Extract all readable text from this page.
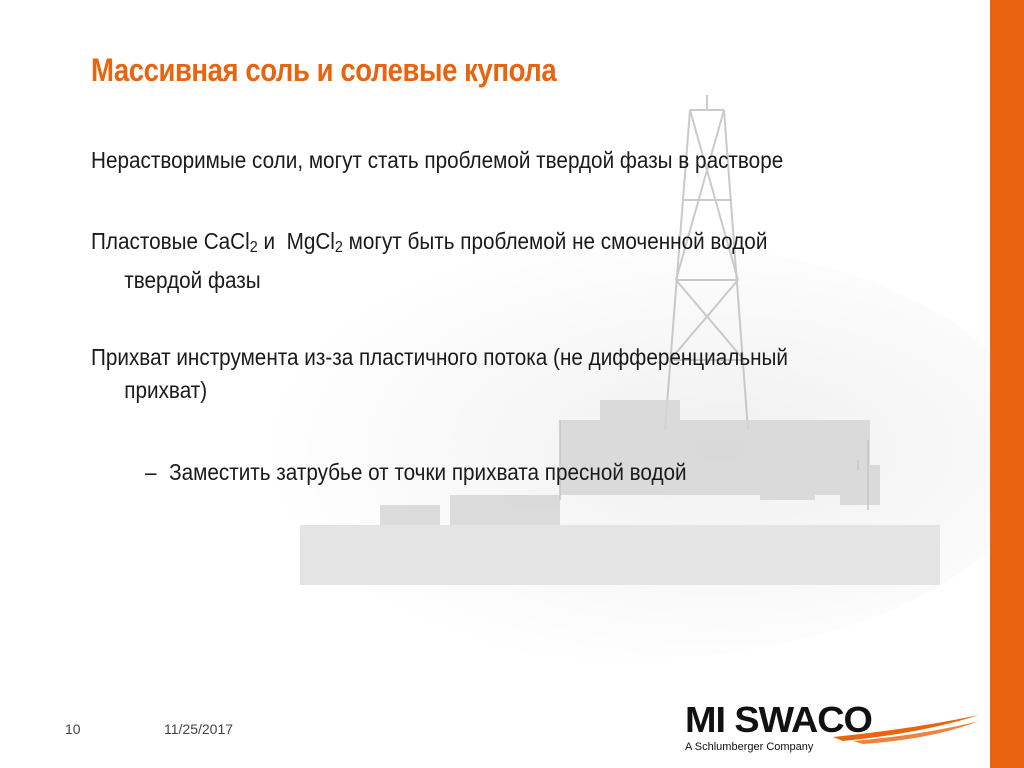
Массивная соль и солевые купола
Нерастворимые соли, могут стать проблемой твердой фазы в растворе
Пластовые CaCl$_2$ и  MgCl$_2$ могут быть проблемой не смоченной водой
твердой фазы
Прихват инструмента из-за пластичного потока (не дифференциальный
прихват)
– Заместить затрубье от точки прихвата пресной водой
10	11/25/2017	MI SWACO
A Schlumberger Company
